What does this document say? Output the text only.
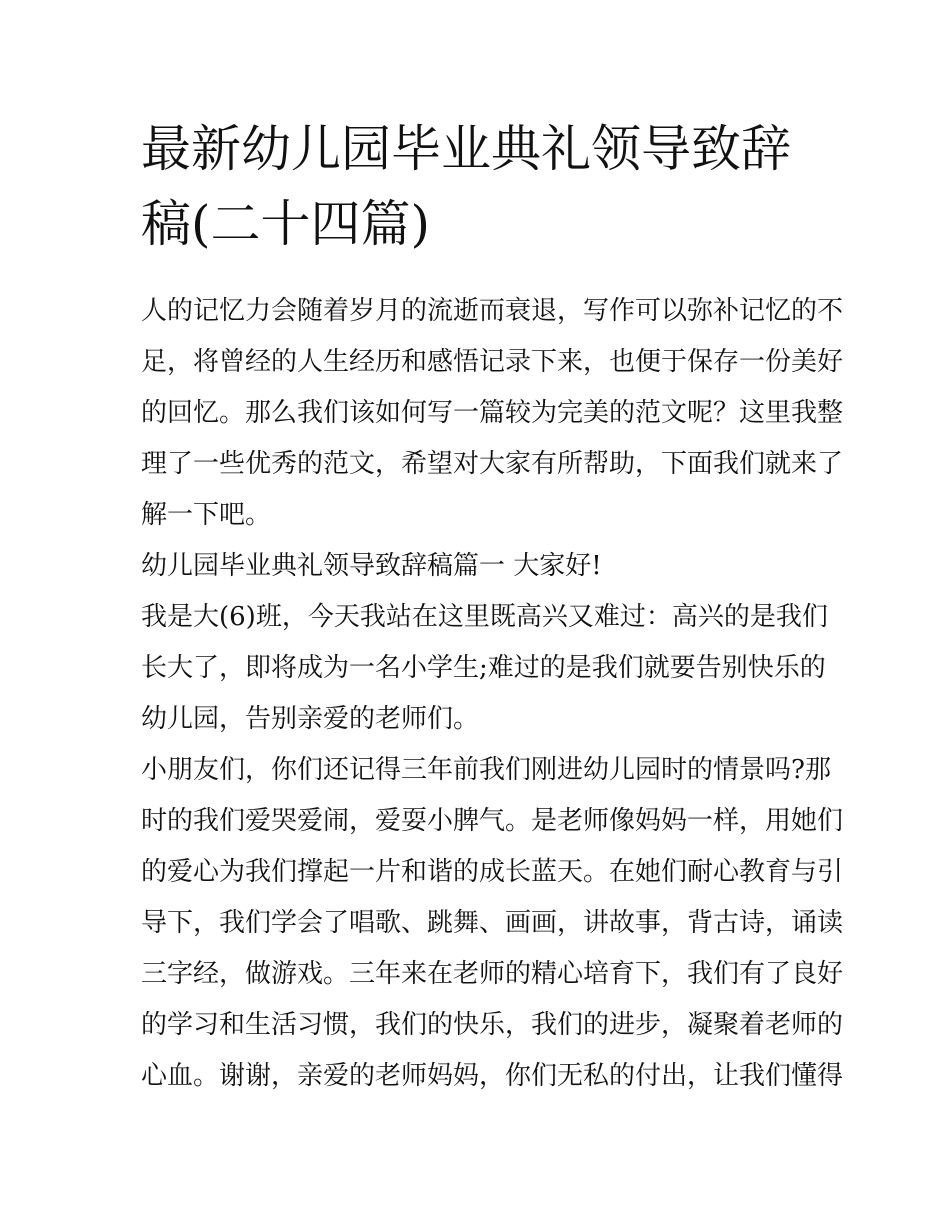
最新幼儿园毕业典礼领导致辞
稿(二十四篇)

人的记忆力会随着岁月的流逝而衰退，写作可以弥补记忆的不
足，将曾经的人生经历和感悟记录下来，也便于保存一份美好
的回忆。那么我们该如何写一篇较为完美的范文呢？这里我整
理了一些优秀的范文，希望对大家有所帮助，下面我们就来了
解一下吧。

幼儿园毕业典礼领导致辞稿篇一 大家好!

我是大(6)班，今天我站在这里既高兴又难过：高兴的是我们
长大了，即将成为一名小学生;难过的是我们就要告别快乐的
幼儿园，告别亲爱的老师们。

小朋友们，你们还记得三年前我们刚进幼儿园时的情景吗?那
时的我们爱哭爱闹，爱耍小脾气。是老师像妈妈一样，用她们
的爱心为我们撑起一片和谐的成长蓝天。在她们耐心教育与引
导下，我们学会了唱歌、跳舞、画画，讲故事，背古诗，诵读
三字经，做游戏。三年来在老师的精心培育下，我们有了良好
的学习和生活习惯，我们的快乐，我们的进步，凝聚着老师的
心血。谢谢，亲爱的老师妈妈，你们无私的付出，让我们懂得
